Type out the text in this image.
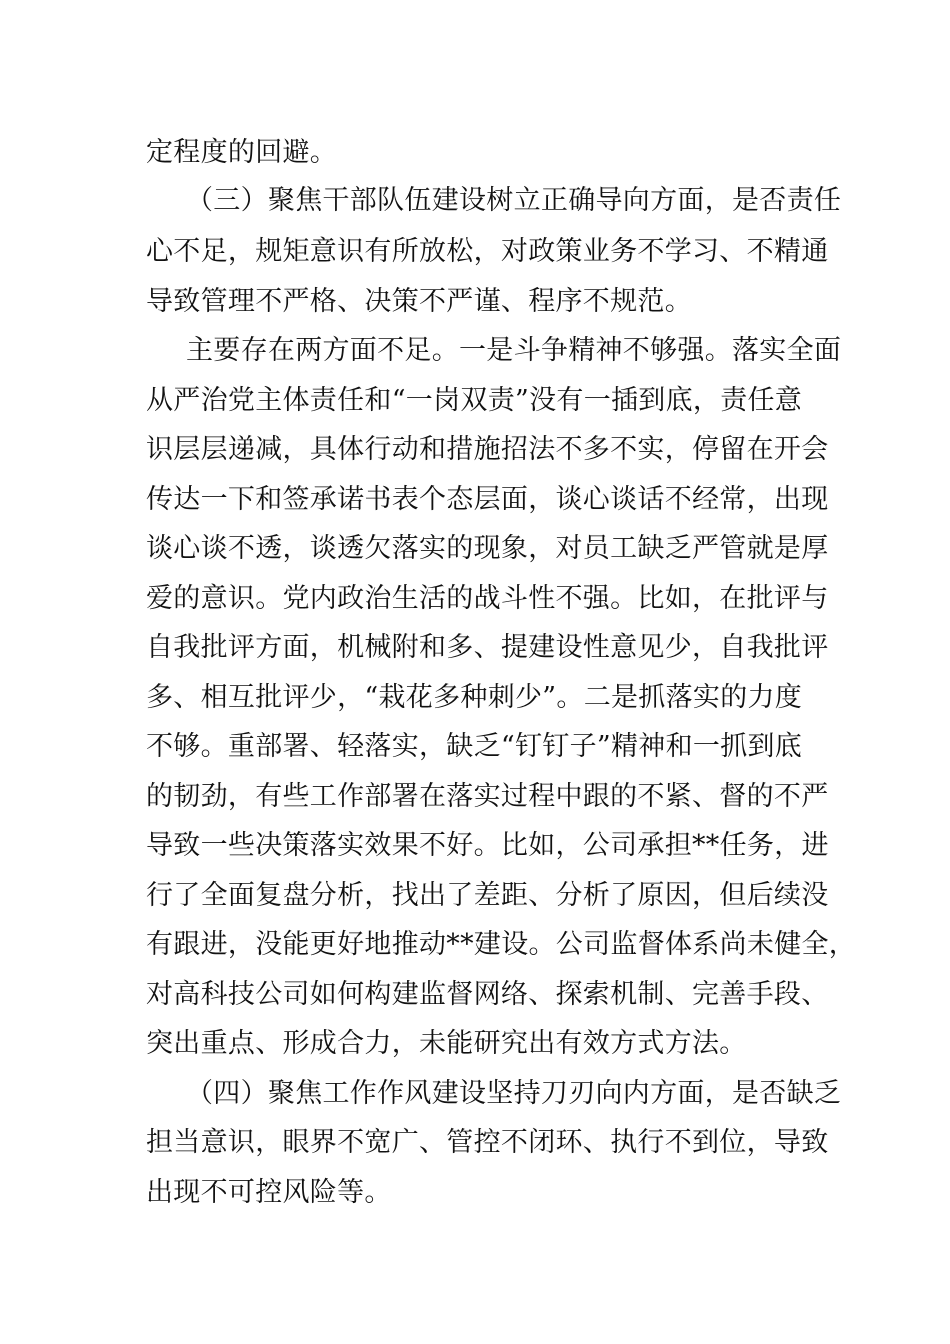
定程度的回避。
（三）聚焦干部队伍建设树立正确导向方面，是否责任
心不足，规矩意识有所放松，对政策业务不学习、不精通
导致管理不严格、决策不严谨、程序不规范。
主要存在两方面不足。一是斗争精神不够强。落实全面
从严治党主体责任和“一岗双责”没有一插到底，责任意
识层层递减，具体行动和措施招法不多不实，停留在开会
传达一下和签承诺书表个态层面，谈心谈话不经常，出现
谈心谈不透，谈透欠落实的现象，对员工缺乏严管就是厚
爱的意识。党内政治生活的战斗性不强。比如，在批评与
自我批评方面，机械附和多、提建设性意见少，自我批评
多、相互批评少，“栽花多种刺少”。二是抓落实的力度
不够。重部署、轻落实，缺乏“钉钉子”精神和一抓到底
的韧劲，有些工作部署在落实过程中跟的不紧、督的不严
导致一些决策落实效果不好。比如，公司承担**任务，进
行了全面复盘分析，找出了差距、分析了原因，但后续没
有跟进，没能更好地推动**建设。公司监督体系尚未健全，
对高科技公司如何构建监督网络、探索机制、完善手段、
突出重点、形成合力，未能研究出有效方式方法。
（四）聚焦工作作风建设坚持刀刃向内方面，是否缺乏
担当意识，眼界不宽广、管控不闭环、执行不到位，导致
出现不可控风险等。
